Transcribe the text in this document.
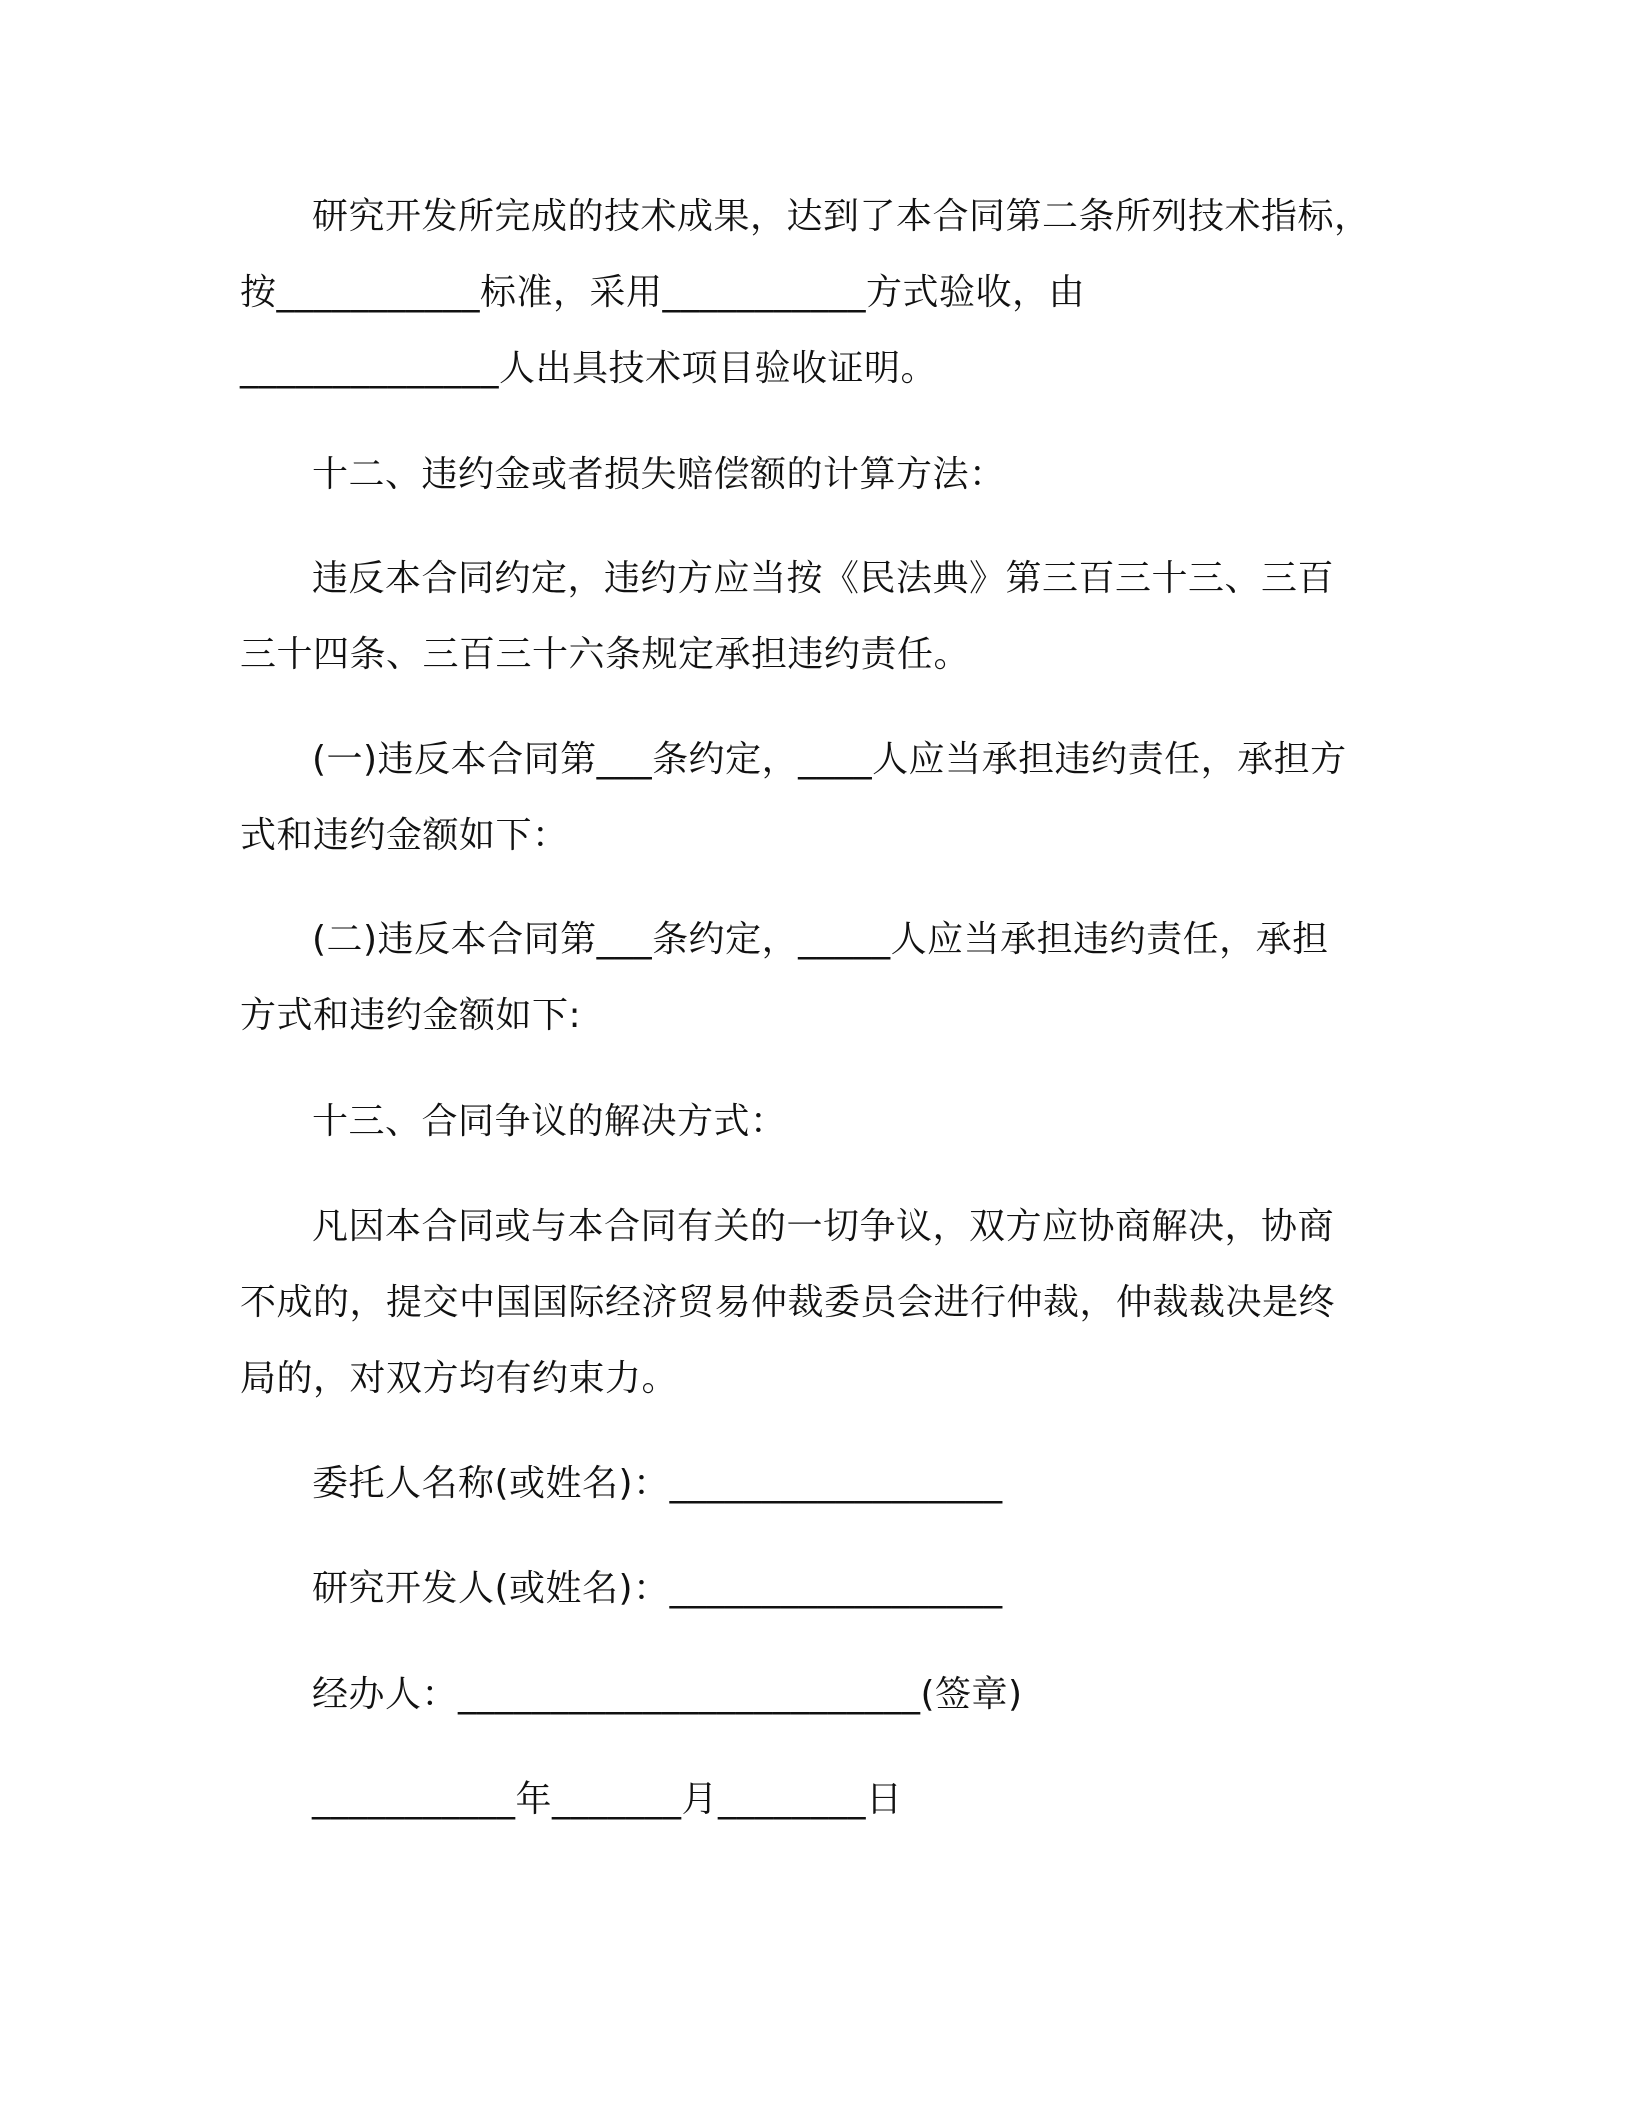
研究开发所完成的技术成果，达到了本合同第二条所列技术指标，
按___________标准，采用___________方式验收，由
______________人出具技术项目验收证明。
十二、违约金或者损失赔偿额的计算方法：
违反本合同约定，违约方应当按《民法典》第三百三十三、三百
三十四条、三百三十六条规定承担违约责任。
(一)违反本合同第___条约定，____人应当承担违约责任，承担方
式和违约金额如下：
(二)违反本合同第___条约定，_____人应当承担违约责任，承担
方式和违约金额如下:
十三、合同争议的解决方式：
凡因本合同或与本合同有关的一切争议，双方应协商解决，协商
不成的，提交中国国际经济贸易仲裁委员会进行仲裁，仲裁裁决是终
局的，对双方均有约束力。
委托人名称(或姓名)：__________________
研究开发人(或姓名)：__________________
经办人：_________________________(签章)
___________年_______月________日
